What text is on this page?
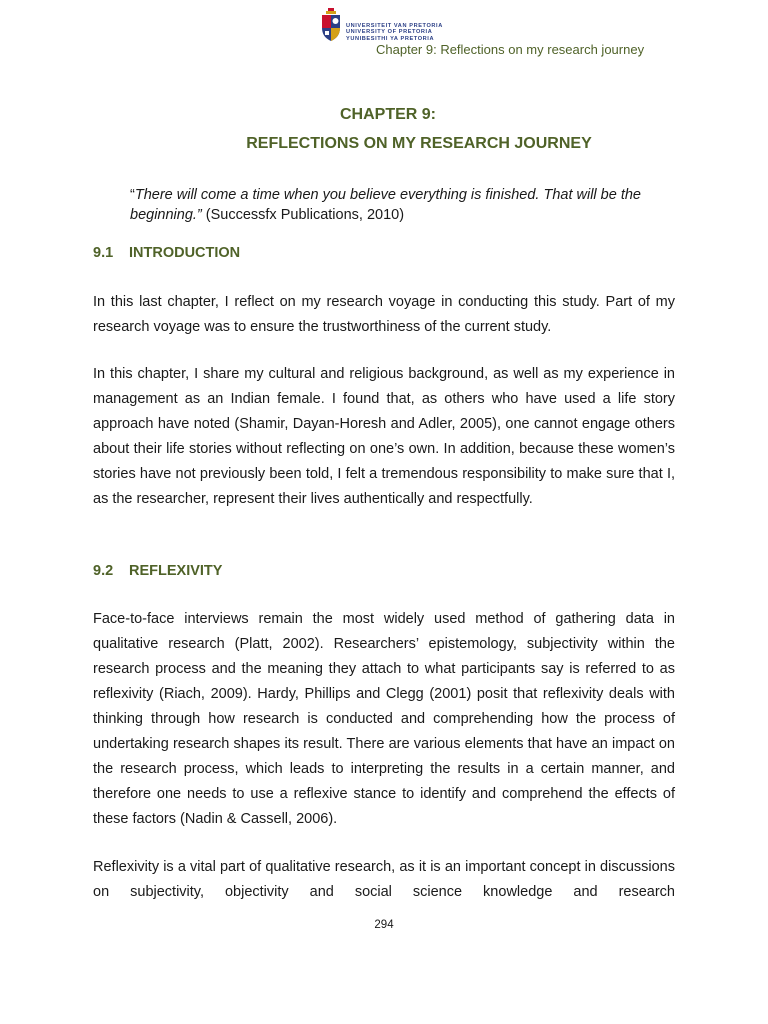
UNIVERSITEIT VAN PRETORIA
UNIVERSITY OF PRETORIA
YUNIBESITHI YA PRETORIA
Chapter 9: Reflections on my research journey
CHAPTER 9:
REFLECTIONS ON MY RESEARCH JOURNEY
“There will come a time when you believe everything is finished. That will be the beginning.” (Successfx Publications, 2010)
9.1 INTRODUCTION

In this last chapter, I reflect on my research voyage in conducting this study. Part of my research voyage was to ensure the trustworthiness of the current study.

In this chapter, I share my cultural and religious background, as well as my experience in management as an Indian female. I found that, as others who have used a life story approach have noted (Shamir, Dayan-Horesh and Adler, 2005), one cannot engage others about their life stories without reflecting on one’s own. In addition, because these women’s stories have not previously been told, I felt a tremendous responsibility to make sure that I, as the researcher, represent their lives authentically and respectfully.

9.2 REFLEXIVITY

Face-to-face interviews remain the most widely used method of gathering data in qualitative research (Platt, 2002). Researchers’ epistemology, subjectivity within the research process and the meaning they attach to what participants say is referred to as reflexivity (Riach, 2009). Hardy, Phillips and Clegg (2001) posit that reflexivity deals with thinking through how research is conducted and comprehending how the process of undertaking research shapes its result. There are various elements that have an impact on the research process, which leads to interpreting the results in a certain manner, and therefore one needs to use a reflexive stance to identify and comprehend the effects of these factors (Nadin & Cassell, 2006).

Reflexivity is a vital part of qualitative research, as it is an important concept in discussions on subjectivity, objectivity and social science knowledge and research

294
